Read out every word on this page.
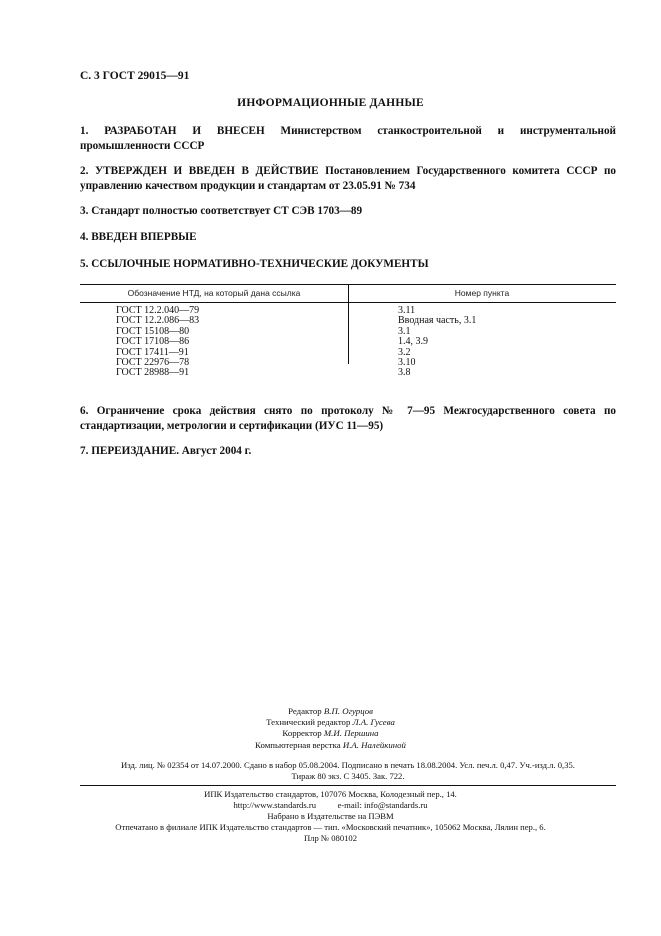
С. 3 ГОСТ 29015—91
ИНФОРМАЦИОННЫЕ ДАННЫЕ
1. РАЗРАБОТАН И ВНЕСЕН Министерством станкостроительной и инструментальной промышленности СССР
2. УТВЕРЖДЕН И ВВЕДЕН В ДЕЙСТВИЕ Постановлением Государственного комитета СССР по управлению качеством продукции и стандартам от 23.05.91 № 734
3. Стандарт полностью соответствует СТ СЭВ 1703—89
4. ВВЕДЕН ВПЕРВЫЕ
5. ССЫЛОЧНЫЕ НОРМАТИВНО-ТЕХНИЧЕСКИЕ ДОКУМЕНТЫ
Обозначение НТД, на который дана ссылка	Номер пункта
ГОСТ 12.2.040—79	3.11
ГОСТ 12.2.086—83	Вводная часть, 3.1
ГОСТ 15108—80	3.1
ГОСТ 17108—86	1.4, 3.9
ГОСТ 17411—91	3.2
ГОСТ 22976—78	3.10
ГОСТ 28988—91	3.8
6. Ограничение срока действия снято по протоколу № 7—95 Межгосударственного совета по стандартизации, метрологии и сертификации (ИУС 11—95)
7. ПЕРЕИЗДАНИЕ. Август 2004 г.
Редактор В.П. Огурцов
Технический редактор Л.А. Гусева
Корректор М.И. Першина
Компьютерная верстка И.А. Налейкиной
Изд. лиц. № 02354 от 14.07.2000. Сдано в набор 05.08.2004. Подписано в печать 18.08.2004. Усл. печ.л. 0,47. Уч.-изд.л. 0,35.
Тираж 80 экз. С 3405. Зак. 722.
ИПК Издательство стандартов, 107076 Москва, Колодезный пер., 14.
http://www.standards.ru          e-mail: info@standards.ru
Набрано в Издательстве на ПЭВМ
Отпечатано в филиале ИПК Издательство стандартов — тип. «Московский печатник», 105062 Москва, Лялин пер., 6.
Плр № 080102
